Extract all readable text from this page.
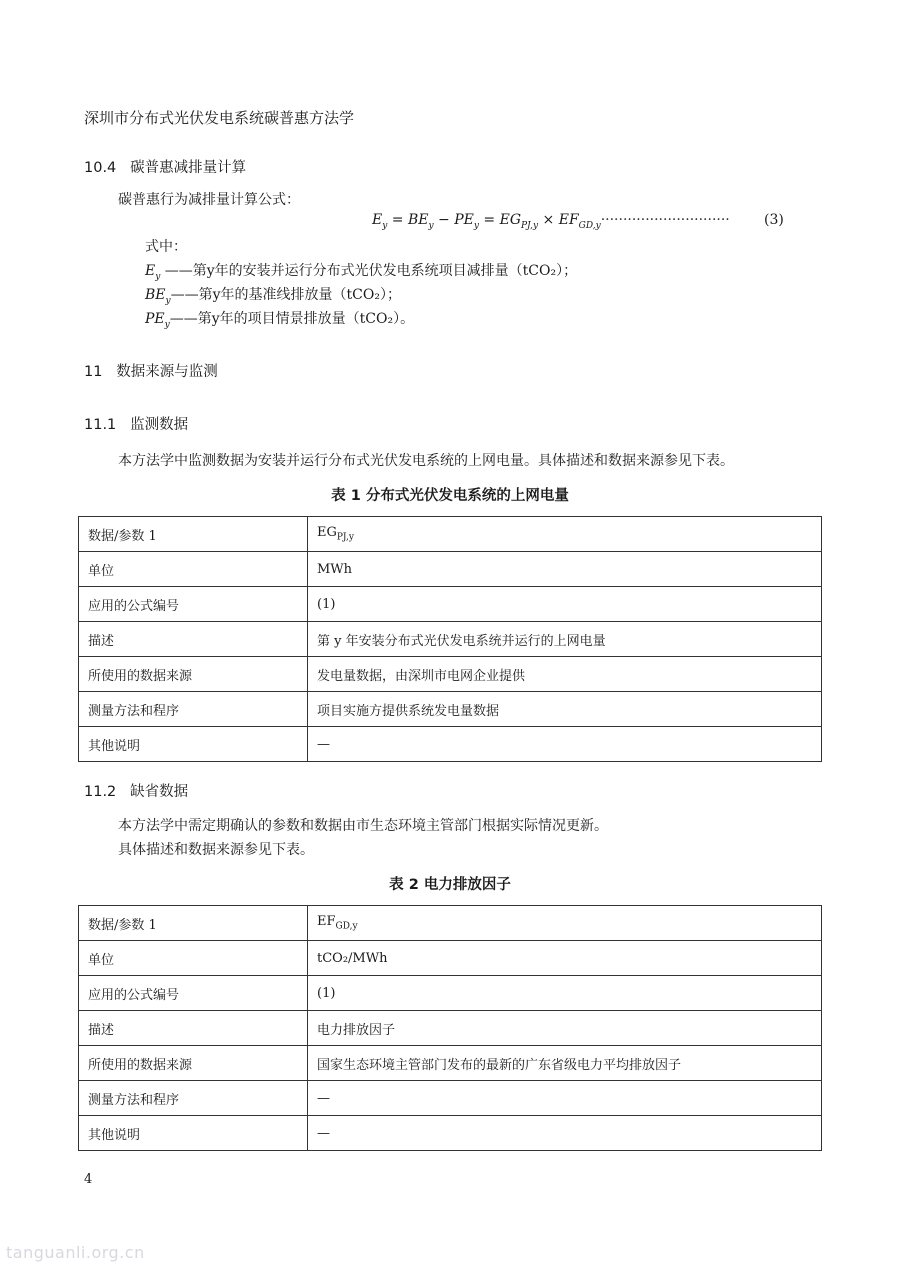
深圳市分布式光伏发电系统碳普惠方法学
10.4 碳普惠减排量计算
碳普惠行为减排量计算公式：
$E_y = BE_y - PE_y = EG_{PJ,y} \times EF_{GD,y}\cdot\cdot\cdot\cdot\cdot\cdot\cdot\cdot\cdot\cdot\cdot\cdot\cdot\cdot\cdot\cdot\cdot\cdot\cdot\cdot\cdot\cdot\cdot\cdot\cdot\cdot\cdot\cdot\cdot (3)$
式中：
$E_y$ ——第y年的安装并运行分布式光伏发电系统项目减排量（tCO₂）；
$BE_y——$第y年的基准线排放量（tCO₂）；
$PE_y——$第y年的项目情景排放量（tCO₂）。
11 数据来源与监测
11.1 监测数据
本方法学中监测数据为安装并运行分布式光伏发电系统的上网电量。具体描述和数据来源参见下表。
表 1 分布式光伏发电系统的上网电量
数据/参数 1	$EG_{PJ,y}$
单位	MWh
应用的公式编号	(1)
描述	第 y 年安装分布式光伏发电系统并运行的上网电量
所使用的数据来源	发电量数据，由深圳市电网企业提供
测量方法和程序	项目实施方提供系统发电量数据
其他说明	—
11.2 缺省数据
本方法学中需定期确认的参数和数据由市生态环境主管部门根据实际情况更新。
具体描述和数据来源参见下表。
表 2 电力排放因子
数据/参数 1	$EF_{GD,y}$
单位	tCO₂/MWh
应用的公式编号	(1)
描述	电力排放因子
所使用的数据来源	国家生态环境主管部门发布的最新的广东省级电力平均排放因子
测量方法和程序	—
其他说明	—
4
tanguanli.org.cn
